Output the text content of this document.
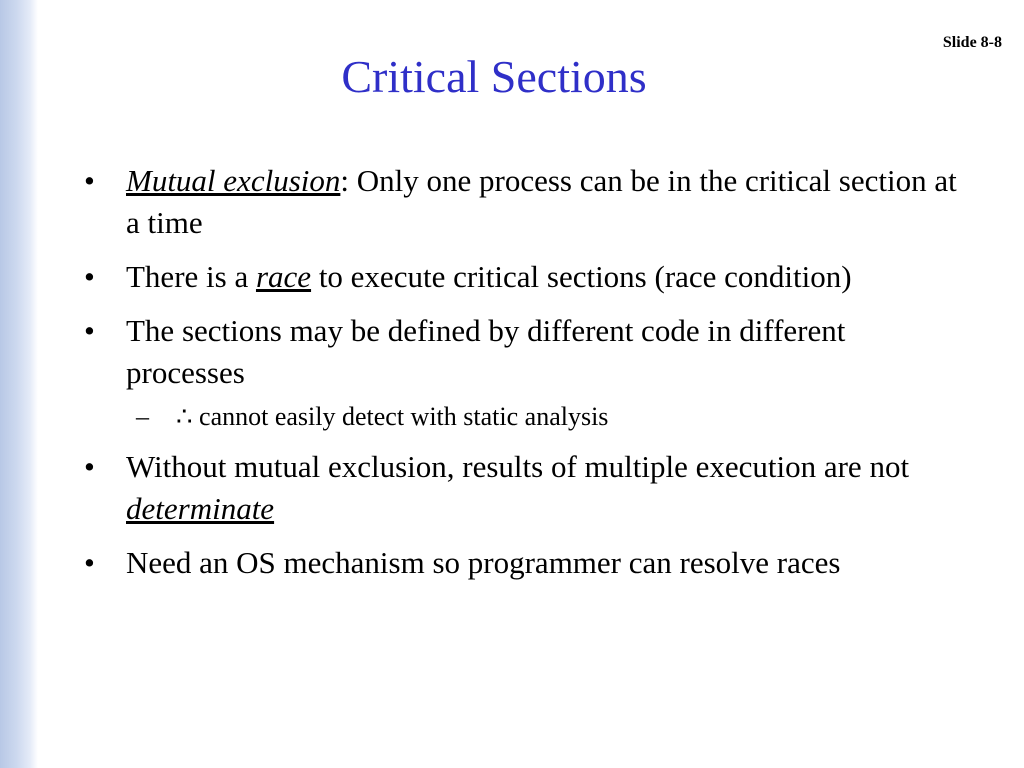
Slide 8-8
Critical Sections
• Mutual exclusion: Only one process can be in the critical section at a time
• There is a race to execute critical sections (race condition)
• The sections may be defined by different code in different processes
– ∴ cannot easily detect with static analysis
• Without mutual exclusion, results of multiple execution are not determinate
• Need an OS mechanism so programmer can resolve races
